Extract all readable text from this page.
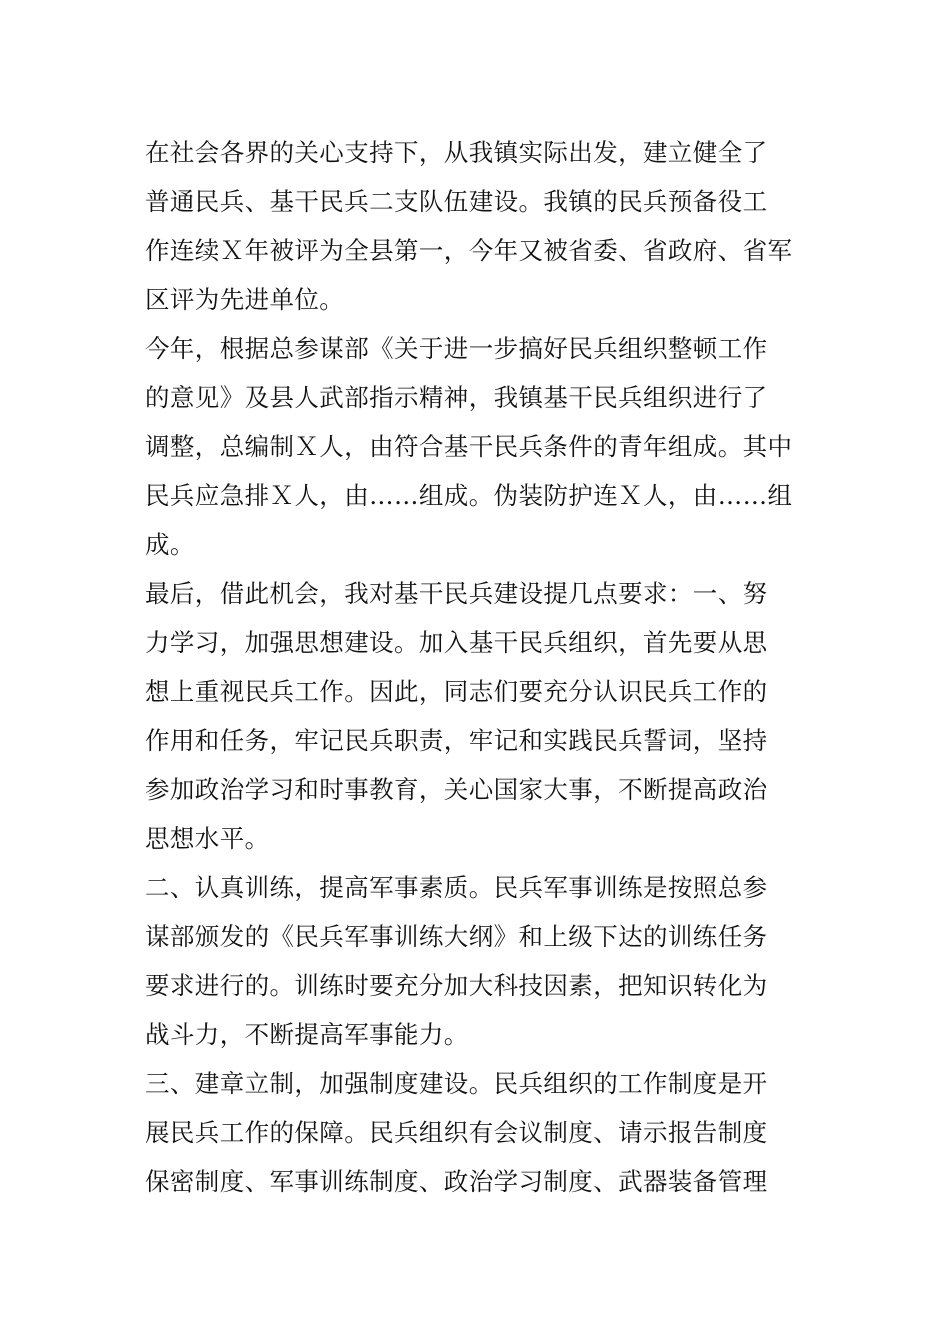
在社会各界的关心支持下，从我镇实际出发，建立健全了
普通民兵、基干民兵二支队伍建设。我镇的民兵预备役工
作连续Ｘ年被评为全县第一，今年又被省委、省政府、省军
区评为先进单位。
今年，根据总参谋部《关于进一步搞好民兵组织整顿工作
的意见》及县人武部指示精神，我镇基干民兵组织进行了
调整，总编制Ｘ人，由符合基干民兵条件的青年组成。其中
民兵应急排Ｘ人，由……组成。伪装防护连Ｘ人，由……组
成。
最后，借此机会，我对基干民兵建设提几点要求：一、努
力学习，加强思想建设。加入基干民兵组织，首先要从思
想上重视民兵工作。因此，同志们要充分认识民兵工作的
作用和任务，牢记民兵职责，牢记和实践民兵誓词，坚持
参加政治学习和时事教育，关心国家大事，不断提高政治
思想水平。
二、认真训练，提高军事素质。民兵军事训练是按照总参
谋部颁发的《民兵军事训练大纲》和上级下达的训练任务
要求进行的。训练时要充分加大科技因素，把知识转化为
战斗力，不断提高军事能力。
三、建章立制，加强制度建设。民兵组织的工作制度是开
展民兵工作的保障。民兵组织有会议制度、请示报告制度
保密制度、军事训练制度、政治学习制度、武器装备管理
